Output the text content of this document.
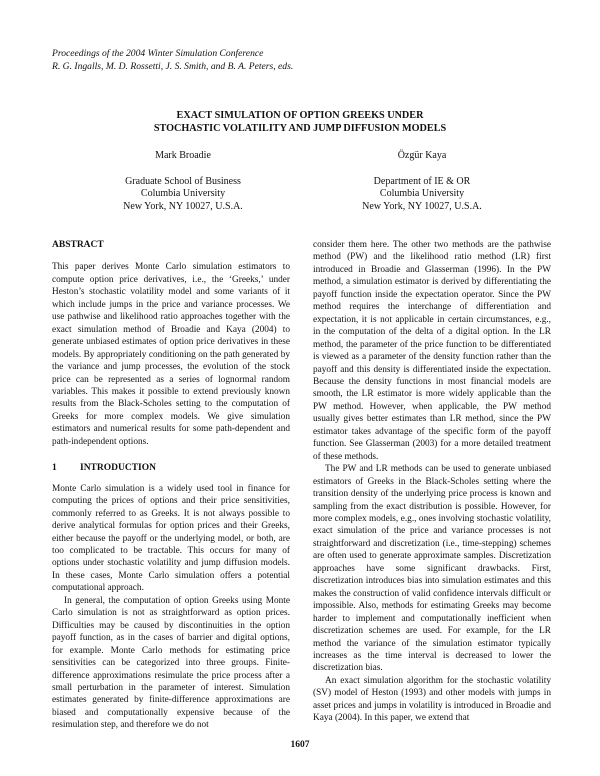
Proceedings of the 2004 Winter Simulation Conference
R. G. Ingalls, M. D. Rossetti, J. S. Smith, and B. A. Peters, eds.
EXACT SIMULATION OF OPTION GREEKS UNDER
STOCHASTIC VOLATILITY AND JUMP DIFFUSION MODELS
Mark Broadie
Graduate School of Business
Columbia University
New York, NY 10027, U.S.A.
Özgür Kaya
Department of IE & OR
Columbia University
New York, NY 10027, U.S.A.
ABSTRACT

This paper derives Monte Carlo simulation estimators to compute option price derivatives, i.e., the ‘Greeks,’ under Heston’s stochastic volatility model and some variants of it which include jumps in the price and variance processes. We use pathwise and likelihood ratio approaches together with the exact simulation method of Broadie and Kaya (2004) to generate unbiased estimates of option price derivatives in these models. By appropriately conditioning on the path generated by the variance and jump processes, the evolution of the stock price can be represented as a series of lognormal random variables. This makes it possible to extend previously known results from the Black-Scholes setting to the computation of Greeks for more complex models. We give simulation estimators and numerical results for some path-dependent and path-independent options.

1 INTRODUCTION

Monte Carlo simulation is a widely used tool in finance for computing the prices of options and their price sensitivities, commonly referred to as Greeks. It is not always possible to derive analytical formulas for option prices and their Greeks, either because the payoff or the underlying model, or both, are too complicated to be tractable. This occurs for many of options under stochastic volatility and jump diffusion models. In these cases, Monte Carlo simulation offers a potential computational approach.

In general, the computation of option Greeks using Monte Carlo simulation is not as straightforward as option prices. Difficulties may be caused by discontinuities in the option payoff function, as in the cases of barrier and digital options, for example. Monte Carlo methods for estimating price sensitivities can be categorized into three groups. Finite-difference approximations resimulate the price process after a small perturbation in the parameter of interest. Simulation estimates generated by finite-difference approximations are biased and computationally expensive because of the resimulation step, and therefore we do not

consider them here. The other two methods are the pathwise method (PW) and the likelihood ratio method (LR) first introduced in Broadie and Glasserman (1996). In the PW method, a simulation estimator is derived by differentiating the payoff function inside the expectation operator. Since the PW method requires the interchange of differentiation and expectation, it is not applicable in certain circumstances, e.g., in the computation of the delta of a digital option. In the LR method, the parameter of the price function to be differentiated is viewed as a parameter of the density function rather than the payoff and this density is differentiated inside the expectation. Because the density functions in most financial models are smooth, the LR estimator is more widely applicable than the PW method. However, when applicable, the PW method usually gives better estimates than LR method, since the PW estimator takes advantage of the specific form of the payoff function. See Glasserman (2003) for a more detailed treatment of these methods.

The PW and LR methods can be used to generate unbiased estimators of Greeks in the Black-Scholes setting where the transition density of the underlying price process is known and sampling from the exact distribution is possible. However, for more complex models, e.g., ones involving stochastic volatility, exact simulation of the price and variance processes is not straightforward and discretization (i.e., time-stepping) schemes are often used to generate approximate samples. Discretization approaches have some significant drawbacks. First, discretization introduces bias into simulation estimates and this makes the construction of valid confidence intervals difficult or impossible. Also, methods for estimating Greeks may become harder to implement and computationally inefficient when discretization schemes are used. For example, for the LR method the variance of the simulation estimator typically increases as the time interval is decreased to lower the discretization bias.

An exact simulation algorithm for the stochastic volatility (SV) model of Heston (1993) and other models with jumps in asset prices and jumps in volatility is introduced in Broadie and Kaya (2004). In this paper, we extend that

1607
